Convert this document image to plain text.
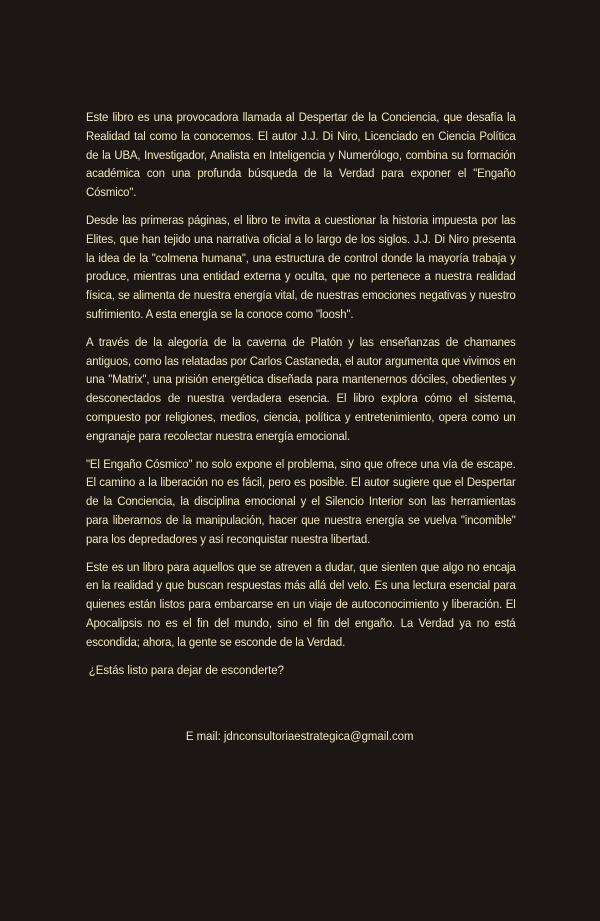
Este libro es una provocadora llamada al Despertar de la Conciencia, que desafía la Realidad tal como la conocemos. El autor J.J. Di Niro, Licenciado en Ciencia Política de la UBA, Investigador, Analista en Inteligencia y Numerólogo, combina su formación académica con una profunda búsqueda de la Verdad para exponer el "Engaño Cósmico".

Desde las primeras páginas, el libro te invita a cuestionar la historia impuesta por las Elites, que han tejido una narrativa oficial a lo largo de los siglos. J.J. Di Niro presenta la idea de la "colmena humana", una estructura de control donde la mayoría trabaja y produce, mientras una entidad externa y oculta, que no pertenece a nuestra realidad física, se alimenta de nuestra energía vital, de nuestras emociones negativas y nuestro sufrimiento. A esta energía se la conoce como "loosh".

A través de la alegoría de la caverna de Platón y las enseñanzas de chamanes antiguos, como las relatadas por Carlos Castaneda, el autor argumenta que vivimos en una "Matrix", una prisión energética diseñada para mantenernos dóciles, obedientes y desconectados de nuestra verdadera esencia. El libro explora cómo el sistema, compuesto por religiones, medios, ciencia, política y entretenimiento, opera como un engranaje para recolectar nuestra energía emocional.

"El Engaño Cósmico" no solo expone el problema, sino que ofrece una vía de escape. El camino a la liberación no es fácil, pero es posible. El autor sugiere que el Despertar de la Conciencia, la disciplina emocional y el Silencio Interior son las herramientas para liberarnos de la manipulación, hacer que nuestra energía se vuelva "incomible" para los depredadores y así reconquistar nuestra libertad.

Este es un libro para aquellos que se atreven a dudar, que sienten que algo no encaja en la realidad y que buscan respuestas más allá del velo. Es una lectura esencial para quienes están listos para embarcarse en un viaje de autoconocimiento y liberación. El Apocalipsis no es el fin del mundo, sino el fin del engaño. La Verdad ya no está escondida; ahora, la gente se esconde de la Verdad.

¿Estás listo para dejar de esconderte?

E mail: jdnconsultoriaestrategica@gmail.com
